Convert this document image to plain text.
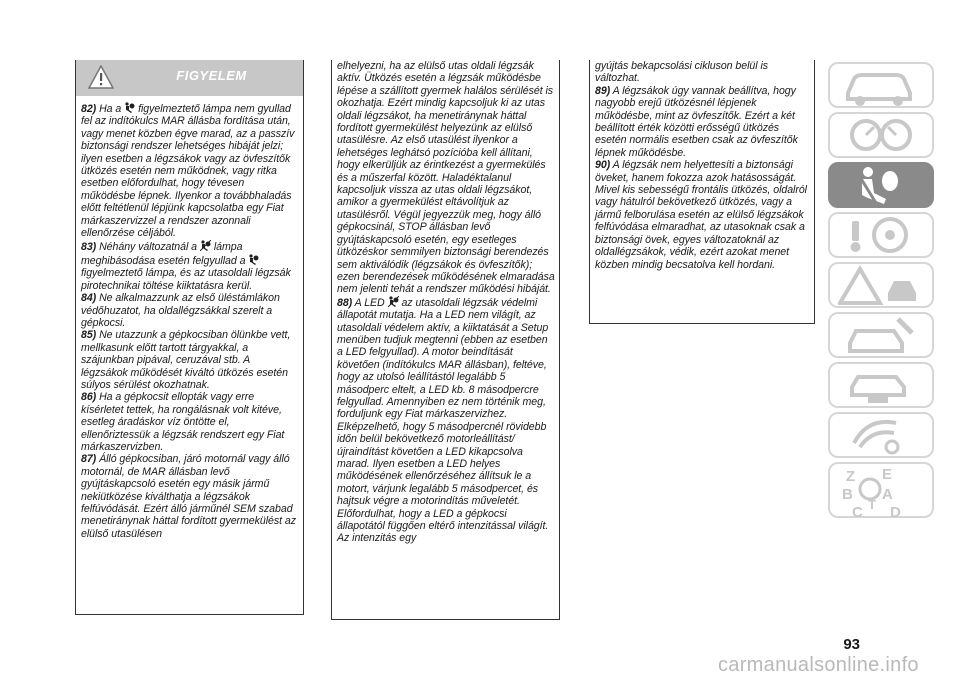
FIGYELEM

82) Ha a figyelmeztető lámpa nem gyullad fel az indítókulcs MAR állásba fordítása után, vagy menet közben égve marad, az a passzív biztonsági rendszer lehetséges hibáját jelzi; ilyen esetben a légzsákok vagy az övfeszítők ütközés esetén nem működnek, vagy ritka esetben előfordulhat, hogy tévesen működésbe lépnek. Ilyenkor a továbbhaladás előtt feltétlenül lépjünk kapcsolatba egy Fiat márkaszervizzel a rendszer azonnali ellenőrzése céljából.

83) Néhány változatnál a lámpa meghibásodása esetén felgyullad a  figyelmeztető lámpa, és az utasoldali légzsák pirotechnikai töltése kiiktatásra kerül.

84) Ne alkalmazzunk az első üléstámlákon védőhuzatot, ha oldallégzsákkal szerelt a gépkocsi.

85) Ne utazzunk a gépkocsiban ölünkbe vett, mellkasunk előtt tartott tárgyakkal, a szájunkban pipával, ceruzával stb. A légzsákok működését kiváltó ütközés esetén súlyos sérülést okozhatnak.

86) Ha a gépkocsit ellopták vagy erre kísérletet tettek, ha rongálásnak volt kitéve, esetleg áradáskor víz öntötte el, ellenőriztessük a légzsák rendszert egy Fiat márkaszervizben.

87) Álló gépkocsiban, járó motornál vagy álló motornál, de MAR állásban levő gyújtáskapcsoló esetén egy másik jármű nekiütközése kiválthatja a légzsákok felfúvódását. Ezért álló járműnél SEM szabad menetiránynak háttal fordított gyermekülést az elülső utasülésen

elhelyezni, ha az elülső utas oldali légzsák aktív. Ütközés esetén a légzsák működésbe lépése a szállított gyermek halálos sérülését is okozhatja. Ezért mindig kapcsoljuk ki az utas oldali légzsákot, ha menetiránynak háttal fordított gyermekülést helyezünk az elülső utasülésre. Az első utasülést ilyenkor a lehetséges leghátsó pozícióba kell állítani, hogy elkerüljük az érintkezést a gyermekülés és a műszerfal között. Haladéktalanul kapcsoljuk vissza az utas oldali légzsákot, amikor a gyermekülést eltávolítjuk az utasülésről. Végül jegyezzük meg, hogy álló gépkocsinál, STOP állásban levő gyújtáskapcsoló esetén, egy esetleges ütközéskor semmilyen biztonsági berendezés sem aktiválódik (légzsákok és övfeszítők); ezen berendezések működésének elmaradása nem jelenti tehát a rendszer működési hibáját.

88) A LED az utasoldali légzsák védelmi állapotát mutatja. Ha a LED nem világít, az utasoldali védelem aktív, a kiiktatását a Setup menüben tudjuk megtenni (ebben az esetben a LED felgyullad). A motor beindítását követően (indítókulcs MAR állásban), feltéve, hogy az utolsó leállítástól legalább 5 másodperc eltelt, a LED kb. 8 másodpercre felgyullad. Amennyiben ez nem történik meg, forduljunk egy Fiat márkaszervizhez. Elképzelhető, hogy 5 másodpercnél rövidebb időn belül bekövetkező motorleállítást/újraindítást követően a LED kikapcsolva marad. Ilyen esetben a LED helyes működésének ellenőrzéséhez állítsuk le a motort, várjunk legalább 5 másodpercet, és hajtsuk végre a motorindítás műveletét. Előfordulhat, hogy a LED a gépkocsi állapotától függően eltérő intenzitással világít. Az intenzitás egy

gyújtás bekapcsolási cikluson belül is változhat.

89) A légzsákok úgy vannak beállítva, hogy nagyobb erejű ütközésnél lépjenek működésbe, mint az övfeszítők. Ezért a két beállított érték közötti erősségű ütközés esetén normális esetben csak az övfeszítők lépnek működésbe.

90) A légzsák nem helyettesíti a biztonsági öveket, hanem fokozza azok hatásosságát. Mivel kis sebességű frontális ütközés, oldalról vagy hátulról bekövetkező ütközés, vagy a jármű felborulása esetén az elülső légzsákok felfúvódása elmaradhat, az utasoknak csak a biztonsági övek, egyes változatoknál az oldallégzsákok, védik, ezért azokat menet közben mindig becsatolva kell hordani.

Z E
B A
C D
T
93
carmanualsonline.info
